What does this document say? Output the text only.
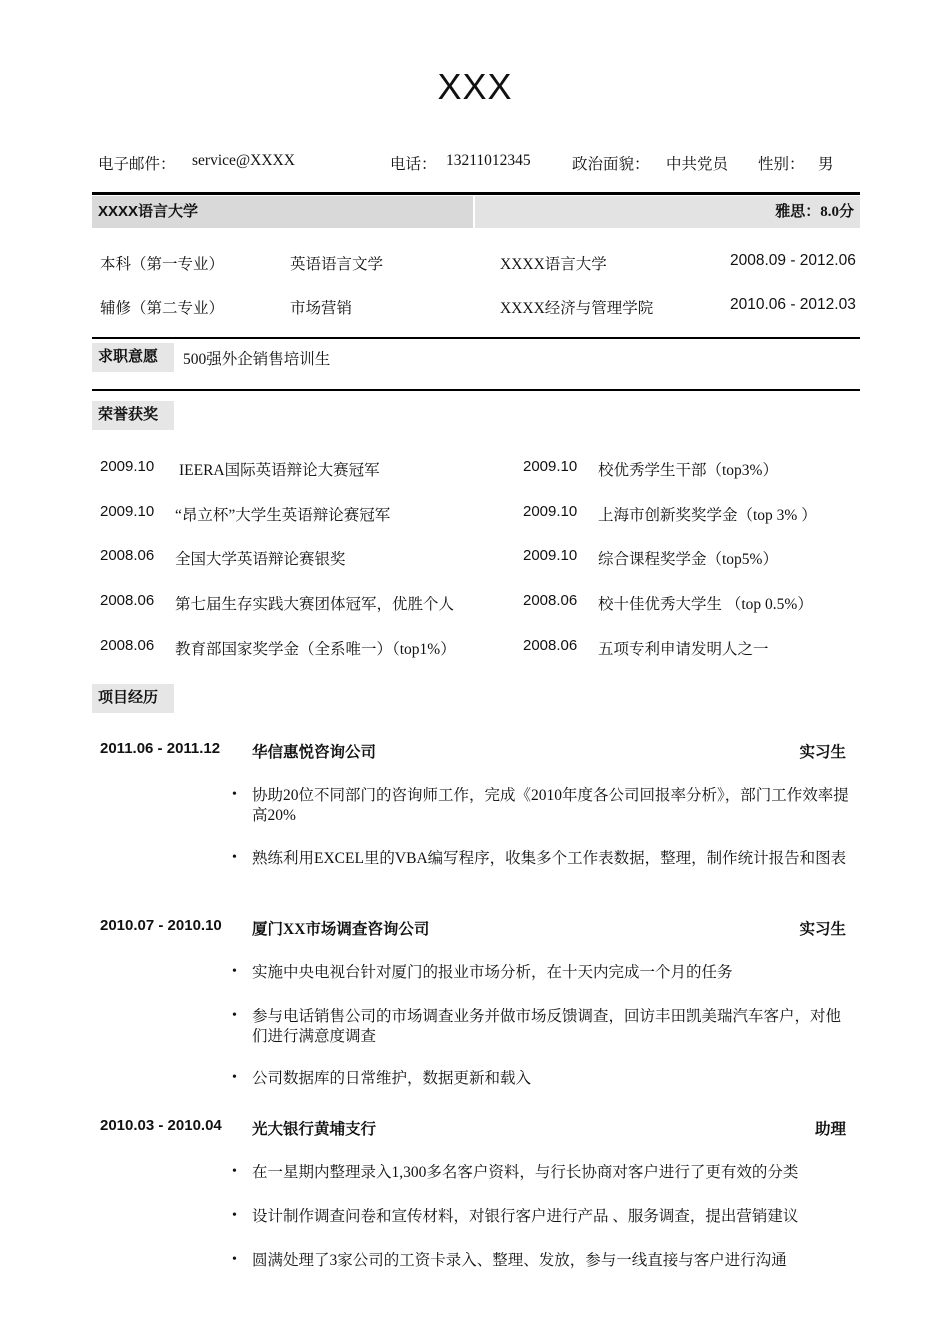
XXX
电子邮件： service@XXXX	电话： 13211012345	政治面貌： 中共党员 性别： 男
XXXX语言大学	雅思：8.0分
本科（第一专业）	英语语言文学	XXXX语言大学	2008.09 - 2012.06
辅修（第二专业）	市场营销	XXXX经济与管理学院	2010.06 - 2012.03
求职意愿	500强外企销售培训生
荣誉获奖
2009.10 IEERA国际英语辩论大赛冠军
2009.10 “昂立杯”大学生英语辩论赛冠军
2008.06 全国大学英语辩论赛银奖
2008.06 第七届生存实践大赛团体冠军，优胜个人
2008.06 教育部国家奖学金（全系唯一）（top1%）
2009.10 校优秀学生干部（top3%）
2009.10 上海市创新奖奖学金（top 3% ）
2009.10 综合课程奖学金（top5%）
2008.06 校十佳优秀大学生 （top 0.5%）
2008.06 五项专利申请发明人之一
项目经历
2011.06 - 2011.12 华信惠悦咨询公司	实习生
• 协助20位不同部门的咨询师工作，完成《2010年度各公司回报率分析》，部门工作效率提高20%
• 熟练利用EXCEL里的VBA编写程序，收集多个工作表数据，整理，制作统计报告和图表
2010.07 - 2010.10 厦门XX市场调查咨询公司	实习生
• 实施中央电视台针对厦门的报业市场分析，在十天内完成一个月的任务
• 参与电话销售公司的市场调查业务并做市场反馈调查，回访丰田凯美瑞汽车客户，对他们进行满意度调查
• 公司数据库的日常维护，数据更新和载入
2010.03 - 2010.04 光大银行黄埔支行	助理
• 在一星期内整理录入1,300多名客户资料，与行长协商对客户进行了更有效的分类
• 设计制作调查问卷和宣传材料，对银行客户进行产品 、服务调查，提出营销建议
• 圆满处理了3家公司的工资卡录入、整理、发放，参与一线直接与客户进行沟通
